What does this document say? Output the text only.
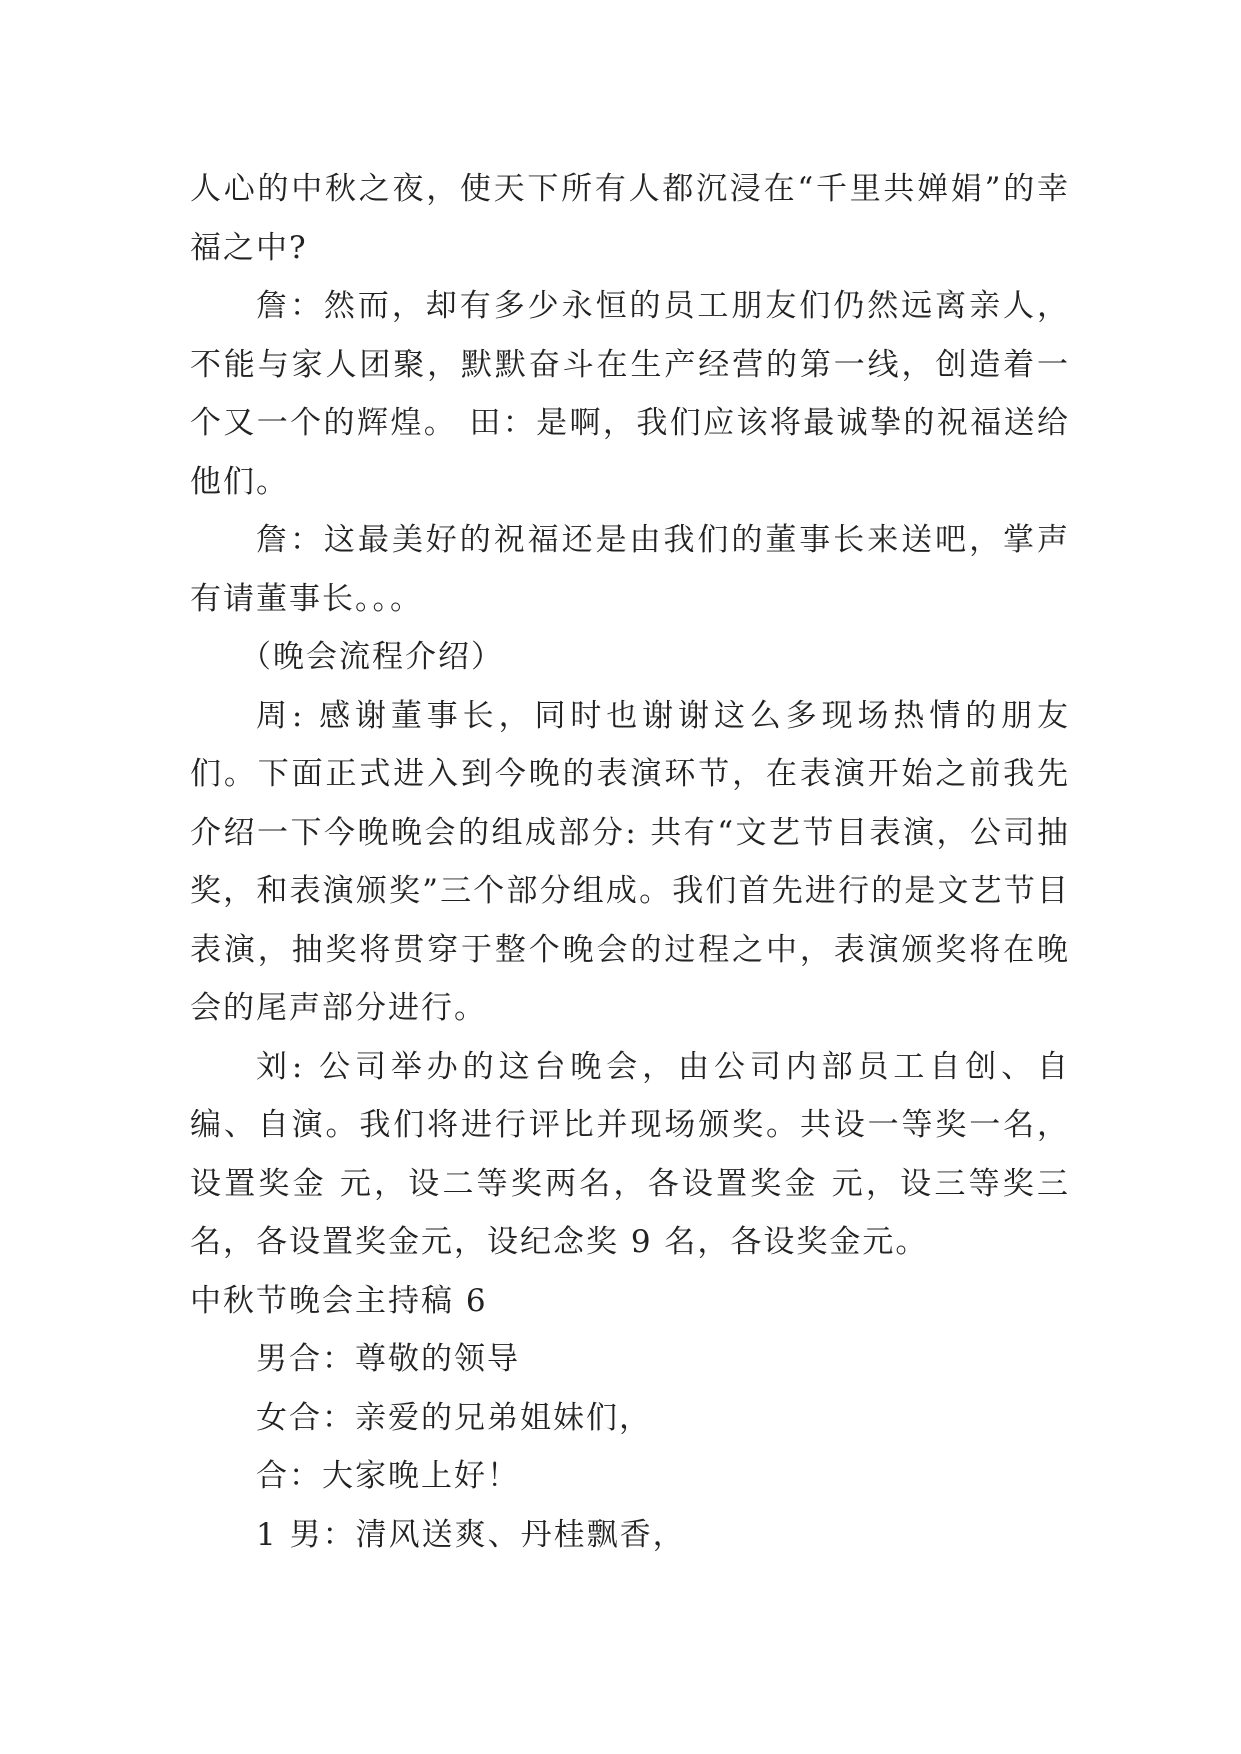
人心的中秋之夜，使天下所有人都沉浸在“千里共婵娟”的幸福之中?

詹：然而，却有多少永恒的员工朋友们仍然远离亲人，不能与家人团聚，默默奋斗在生产经营的第一线，创造着一个又一个的辉煌。 田：是啊，我们应该将最诚挚的祝福送给他们。

詹：这最美好的祝福还是由我们的董事长来送吧，掌声有请董事长。。。

（晚会流程介绍）

周: 感谢董事长，同时也谢谢这么多现场热情的朋友们。下面正式进入到今晚的表演环节，在表演开始之前我先介绍一下今晚晚会的组成部分: 共有“文艺节目表演，公司抽奖，和表演颁奖”三个部分组成。我们首先进行的是文艺节目表演，抽奖将贯穿于整个晚会的过程之中，表演颁奖将在晚会的尾声部分进行。

刘: 公司举办的这台晚会，由公司内部员工自创、自编、自演。我们将进行评比并现场颁奖。共设一等奖一名，设置奖金 元，设二等奖两名，各设置奖金 元，设三等奖三名，各设置奖金元，设纪念奖 9 名，各设奖金元。

中秋节晚会主持稿 6

男合：尊敬的领导

女合：亲爱的兄弟姐妹们，

合：大家晚上好！

1 男：清风送爽、丹桂飘香，
